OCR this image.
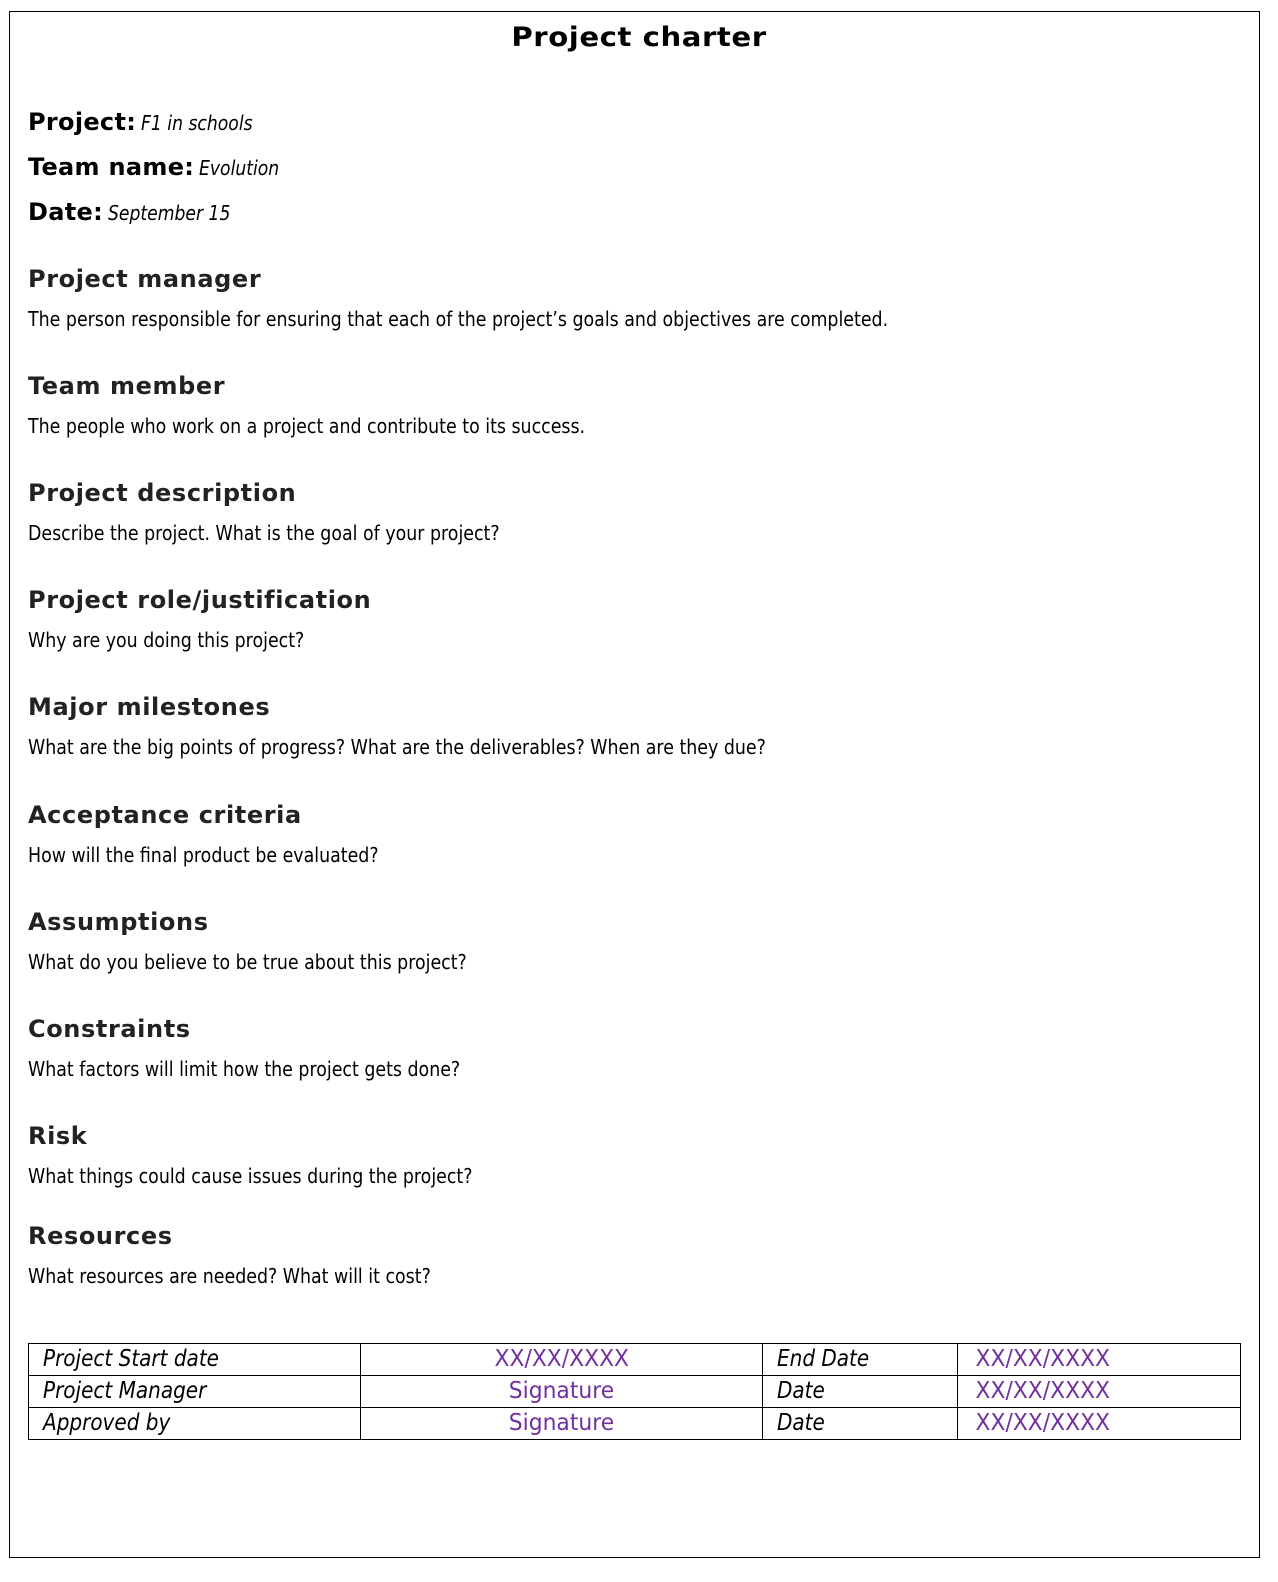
Project charter
Project: F1 in schools
Team name: Evolution
Date: September 15
Project manager
The person responsible for ensuring that each of the project’s goals and objectives are completed.
Team member
The people who work on a project and contribute to its success.
Project description
Describe the project. What is the goal of your project?
Project role/justification
Why are you doing this project?
Major milestones
What are the big points of progress? What are the deliverables? When are they due?
Acceptance criteria
How will the final product be evaluated?
Assumptions
What do you believe to be true about this project?
Constraints
What factors will limit how the project gets done?
Risk
What things could cause issues during the project?
Resources
What resources are needed? What will it cost?
Project Start date	XX/XX/XXXX	End Date	XX/XX/XXXX
Project Manager	Signature	Date	XX/XX/XXXX
Approved by	Signature	Date	XX/XX/XXXX
